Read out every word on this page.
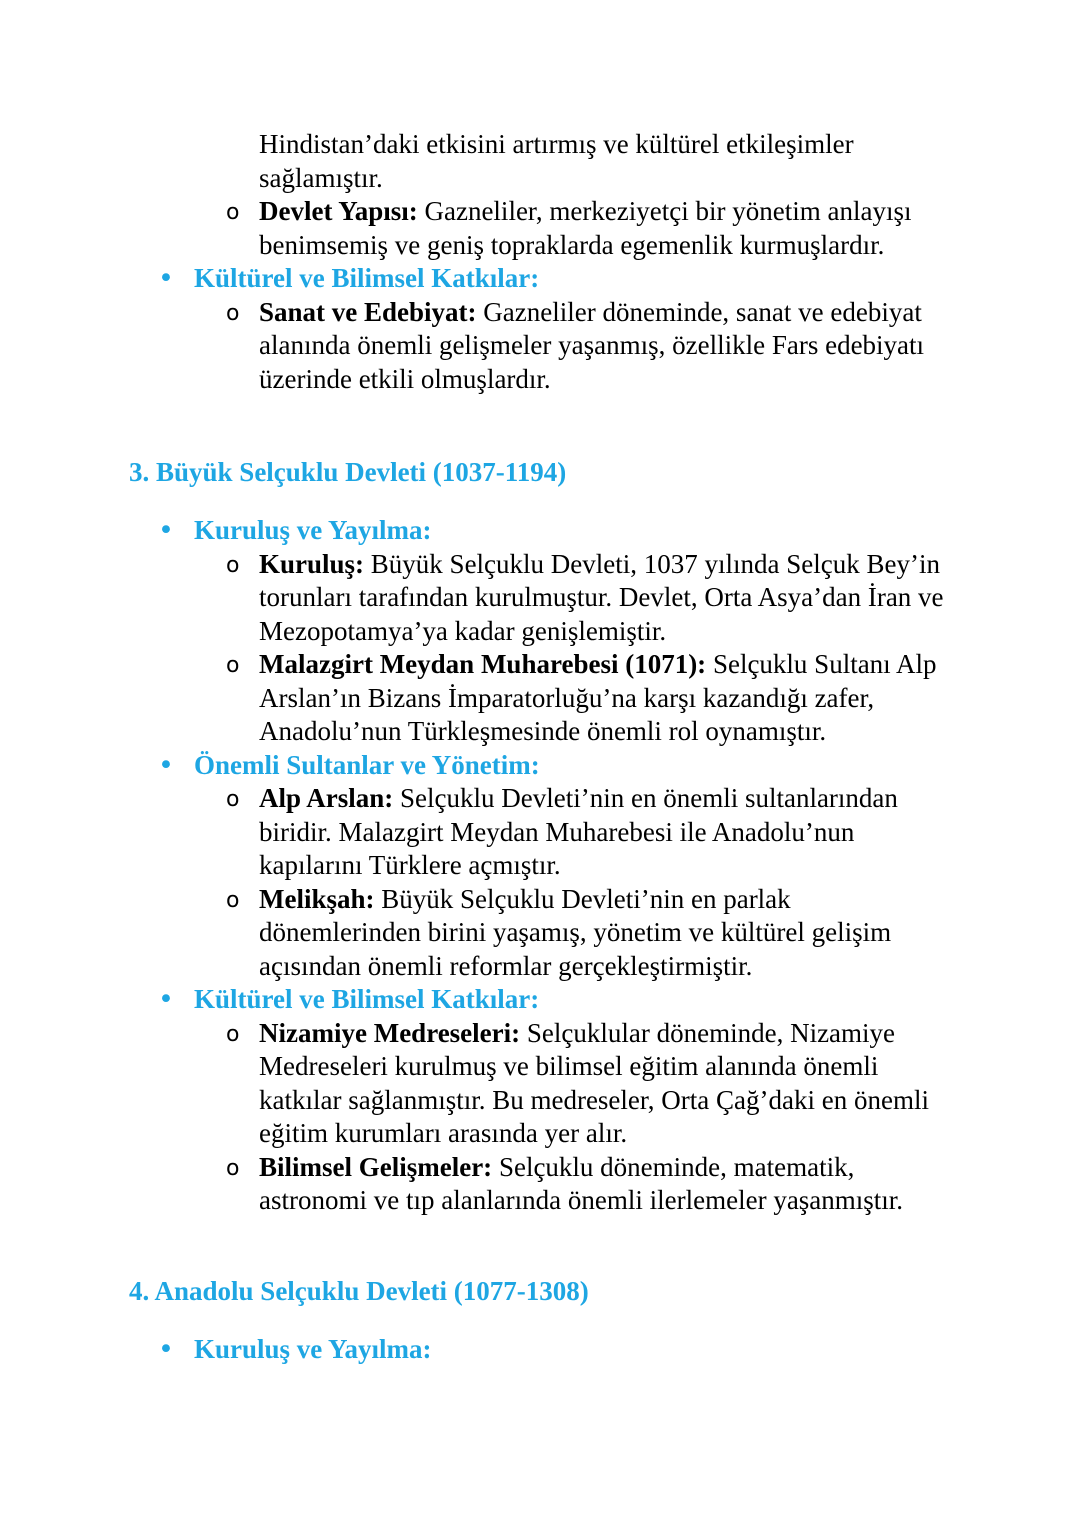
Hindistan’daki etkisini artırmış ve kültürel etkileşimler sağlamıştır.

o Devlet Yapısı: Gazneliler, merkeziyetçi bir yönetim anlayışı benimsemiş ve geniş topraklarda egemenlik kurmuşlardır.
• Kültürel ve Bilimsel Katkılar:
o Sanat ve Edebiyat: Gazneliler döneminde, sanat ve edebiyat alanında önemli gelişmeler yaşanmış, özellikle Fars edebiyatı üzerinde etkili olmuşlardır.
3. Büyük Selçuklu Devleti (1037-1194)
• Kuruluş ve Yayılma:
o Kuruluş: Büyük Selçuklu Devleti, 1037 yılında Selçuk Bey’in torunları tarafından kurulmuştur. Devlet, Orta Asya’dan İran ve Mezopotamya’ya kadar genişlemiştir.
o Malazgirt Meydan Muharebesi (1071): Selçuklu Sultanı Alp Arslan’ın Bizans İmparatorluğu’na karşı kazandığı zafer, Anadolu’nun Türkleşmesinde önemli rol oynamıştır.
• Önemli Sultanlar ve Yönetim:
o Alp Arslan: Selçuklu Devleti’nin en önemli sultanlarından biridir. Malazgirt Meydan Muharebesi ile Anadolu’nun kapılarını Türklere açmıştır.
o Melikşah: Büyük Selçuklu Devleti’nin en parlak dönemlerinden birini yaşamış, yönetim ve kültürel gelişim açısından önemli reformlar gerçekleştirmiştir.
• Kültürel ve Bilimsel Katkılar:
o Nizamiye Medreseleri: Selçuklular döneminde, Nizamiye Medreseleri kurulmuş ve bilimsel eğitim alanında önemli katkılar sağlanmıştır. Bu medreseler, Orta Çağ’daki en önemli eğitim kurumları arasında yer alır.
o Bilimsel Gelişmeler: Selçuklu döneminde, matematik, astronomi ve tıp alanlarında önemli ilerlemeler yaşanmıştır.
4. Anadolu Selçuklu Devleti (1077-1308)
• Kuruluş ve Yayılma:
